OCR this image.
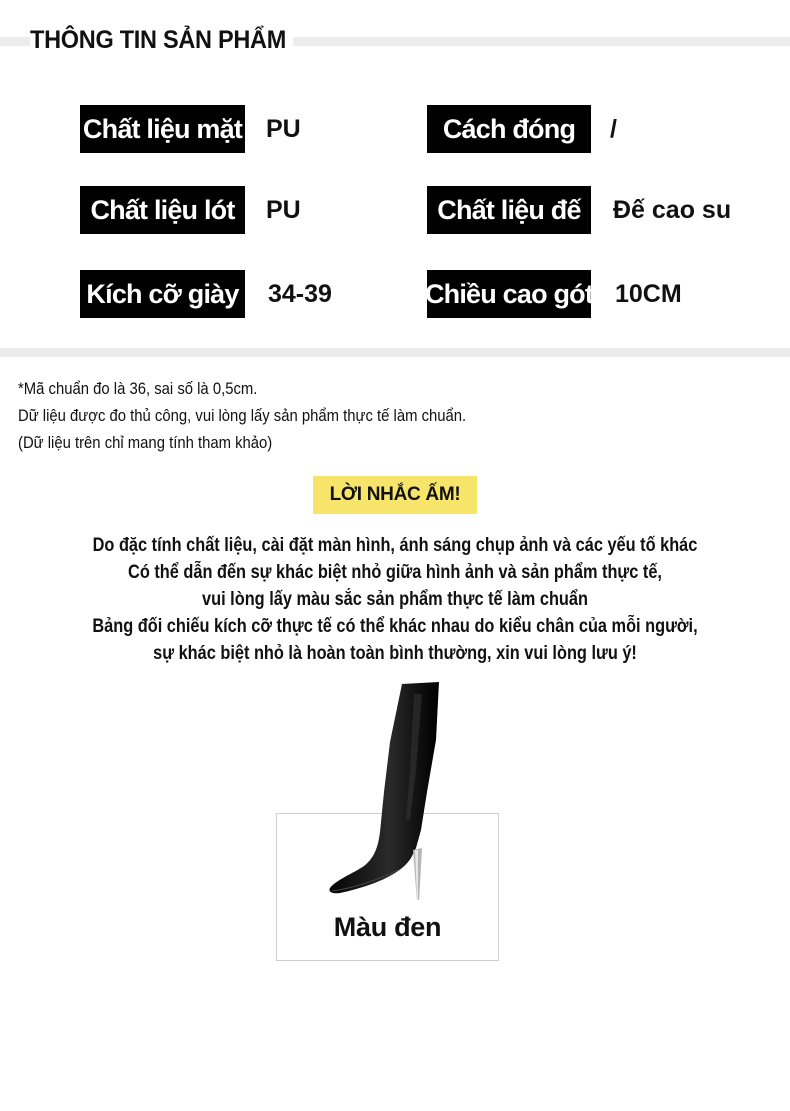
THÔNG TIN SẢN PHẨM
Chất liệu mặt PU	Cách đóng	/
Chất liệu lót	PU	Chất liệu đế	Đế cao su
Kích cỡ giày 34-39	Chiều cao gót 10CM
*Mã chuẩn đo là 36, sai số là 0,5cm.
Dữ liệu được đo thủ công, vui lòng lấy sản phẩm thực tế làm chuẩn.
(Dữ liệu trên chỉ mang tính tham khảo)
LỜI NHẮC ẤM!
Do đặc tính chất liệu, cài đặt màn hình, ánh sáng chụp ảnh và các yếu tố khác
Có thể dẫn đến sự khác biệt nhỏ giữa hình ảnh và sản phẩm thực tế,
vui lòng lấy màu sắc sản phẩm thực tế làm chuẩn
Bảng đối chiếu kích cỡ thực tế có thể khác nhau do kiểu chân của mỗi người,
sự khác biệt nhỏ là hoàn toàn bình thường, xin vui lòng lưu ý!
Màu đen
